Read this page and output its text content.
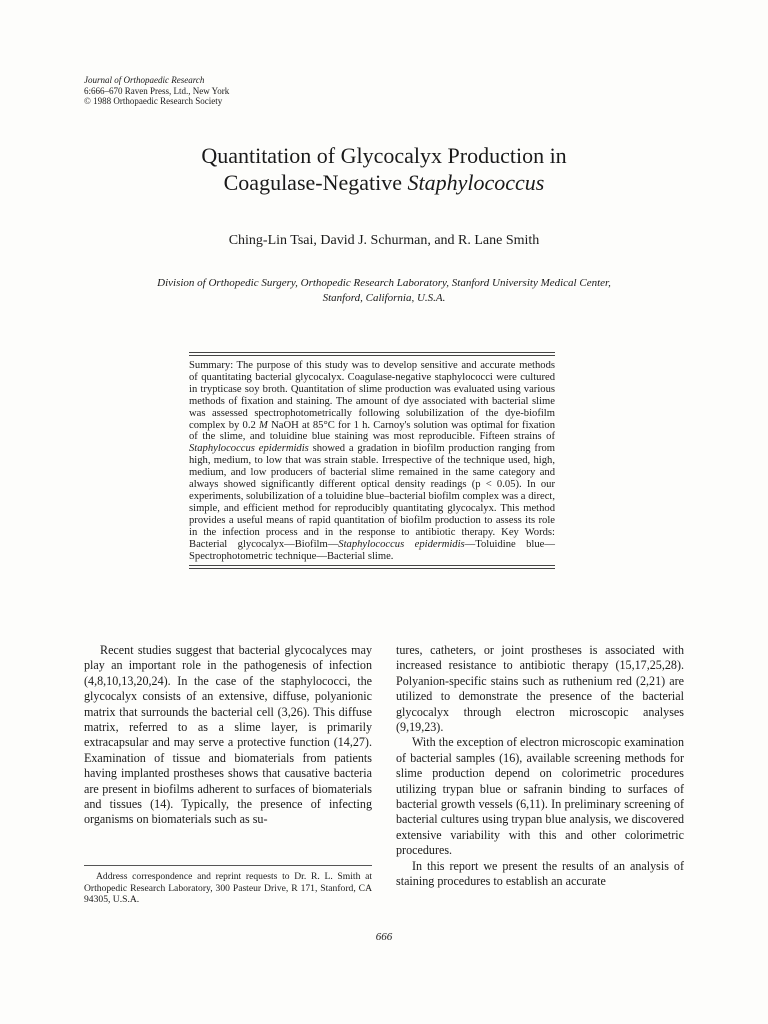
Journal of Orthopaedic Research
6:666–670 Raven Press, Ltd., New York
© 1988 Orthopaedic Research Society
Quantitation of Glycocalyx Production in
Coagulase-Negative Staphylococcus
Ching-Lin Tsai, David J. Schurman, and R. Lane Smith
Division of Orthopedic Surgery, Orthopedic Research Laboratory, Stanford University Medical Center,
Stanford, California, U.S.A.
Summary: The purpose of this study was to develop sensitive and accurate methods of quantitating bacterial glycocalyx. Coagulase-negative staphylococci were cultured in trypticase soy broth. Quantitation of slime production was evaluated using various methods of fixation and staining. The amount of dye associated with bacterial slime was assessed spectrophotometrically following solubilization of the dye-biofilm complex by 0.2 M NaOH at 85°C for 1 h. Carnoy's solution was optimal for fixation of the slime, and toluidine blue staining was most reproducible. Fifteen strains of Staphylococcus epidermidis showed a gradation in biofilm production ranging from high, medium, to low that was strain stable. Irrespective of the technique used, high, medium, and low producers of bacterial slime remained in the same category and always showed significantly different optical density readings (p < 0.05). In our experiments, solubilization of a toluidine blue–bacterial biofilm complex was a direct, simple, and efficient method for reproducibly quantitating glycocalyx. This method provides a useful means of rapid quantitation of biofilm production to assess its role in the infection process and in the response to antibiotic therapy. Key Words: Bacterial glycocalyx—Biofilm—Staphylococcus epidermidis—Toluidine blue—Spectrophotometric technique—Bacterial slime.

Recent studies suggest that bacterial glycocalyces may play an important role in the pathogenesis of infection (4,8,10,13,20,24). In the case of the staphylococci, the glycocalyx consists of an extensive, diffuse, polyanionic matrix that surrounds the bacterial cell (3,26). This diffuse matrix, referred to as a slime layer, is primarily extracapsular and may serve a protective function (14,27). Examination of tissue and biomaterials from patients having implanted prostheses shows that causative bacteria are present in biofilms adherent to surfaces of biomaterials and tissues (14). Typically, the presence of infecting organisms on biomaterials such as su-

tures, catheters, or joint prostheses is associated with increased resistance to antibiotic therapy (15,17,25,28). Polyanion-specific stains such as ruthenium red (2,21) are utilized to demonstrate the presence of the bacterial glycocalyx through electron microscopic analyses (9,19,23).

With the exception of electron microscopic examination of bacterial samples (16), available screening methods for slime production depend on colorimetric procedures utilizing trypan blue or safranin binding to surfaces of bacterial growth vessels (6,11). In preliminary screening of bacterial cultures using trypan blue analysis, we discovered extensive variability with this and other colorimetric procedures.

In this report we present the results of an analysis of staining procedures to establish an accurate

Address correspondence and reprint requests to Dr. R. L. Smith at Orthopedic Research Laboratory, 300 Pasteur Drive, R 171, Stanford, CA 94305, U.S.A.
666
